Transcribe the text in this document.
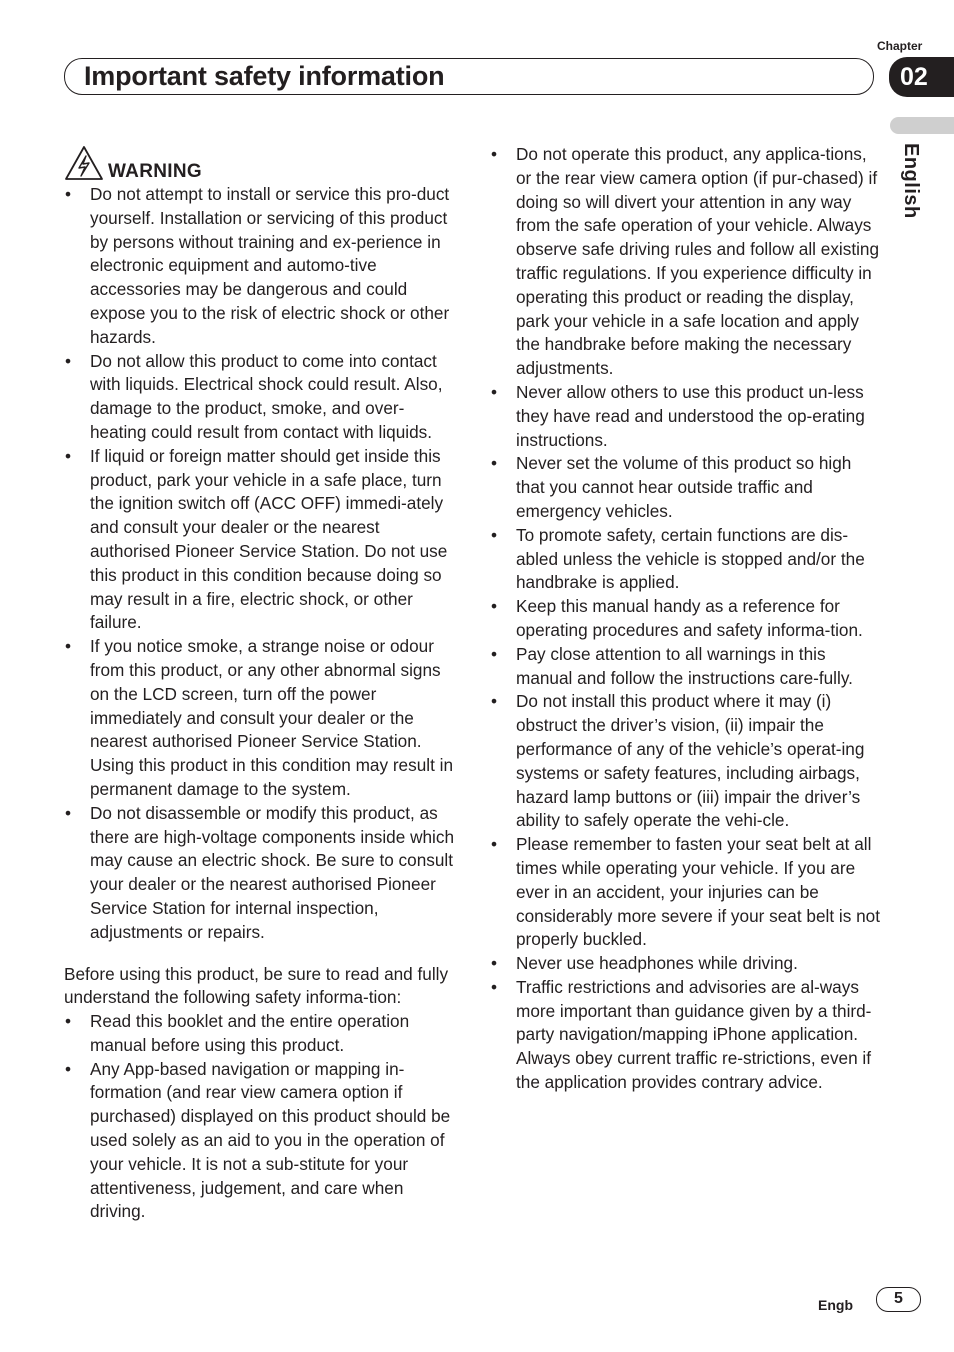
Chapter
Important safety information	02
English
WARNING
• Do not attempt to install or service this pro-duct yourself. Installation or servicing of this product by persons without training and ex-perience in electronic equipment and automo-tive accessories may be dangerous and could expose you to the risk of electric shock or other hazards.
• Do not allow this product to come into contact with liquids. Electrical shock could result. Also, damage to the product, smoke, and over-heating could result from contact with liquids.
• If liquid or foreign matter should get inside this product, park your vehicle in a safe place, turn the ignition switch off (ACC OFF) immedi-ately and consult your dealer or the nearest authorised Pioneer Service Station. Do not use this product in this condition because doing so may result in a fire, electric shock, or other failure.
• If you notice smoke, a strange noise or odour from this product, or any other abnormal signs on the LCD screen, turn off the power immediately and consult your dealer or the nearest authorised Pioneer Service Station. Using this product in this condition may result in permanent damage to the system.
• Do not disassemble or modify this product, as there are high-voltage components inside which may cause an electric shock. Be sure to consult your dealer or the nearest authorised Pioneer Service Station for internal inspection, adjustments or repairs.
Before using this product, be sure to read and fully understand the following safety informa-tion:
• Read this booklet and the entire operation manual before using this product.
• Any App-based navigation or mapping in-formation (and rear view camera option if purchased) displayed on this product should be used solely as an aid to you in the operation of your vehicle. It is not a sub-stitute for your attentiveness, judgement, and care when driving.
• Do not operate this product, any applica-tions, or the rear view camera option (if pur-chased) if doing so will divert your attention in any way from the safe operation of your vehicle. Always observe safe driving rules and follow all existing traffic regulations. If you experience difficulty in operating this product or reading the display, park your vehicle in a safe location and apply the handbrake before making the necessary adjustments.
• Never allow others to use this product un-less they have read and understood the op-erating instructions.
• Never set the volume of this product so high that you cannot hear outside traffic and emergency vehicles.
• To promote safety, certain functions are dis-abled unless the vehicle is stopped and/or the handbrake is applied.
• Keep this manual handy as a reference for operating procedures and safety informa-tion.
• Pay close attention to all warnings in this manual and follow the instructions care-fully.
• Do not install this product where it may (i) obstruct the driver’s vision, (ii) impair the performance of any of the vehicle’s operat-ing systems or safety features, including airbags, hazard lamp buttons or (iii) impair the driver’s ability to safely operate the vehi-cle.
• Please remember to fasten your seat belt at all times while operating your vehicle. If you are ever in an accident, your injuries can be considerably more severe if your seat belt is not properly buckled.
• Never use headphones while driving.
• Traffic restrictions and advisories are al-ways more important than guidance given by a third-party navigation/mapping iPhone application. Always obey current traffic re-strictions, even if the application provides contrary advice.
Engb	5
